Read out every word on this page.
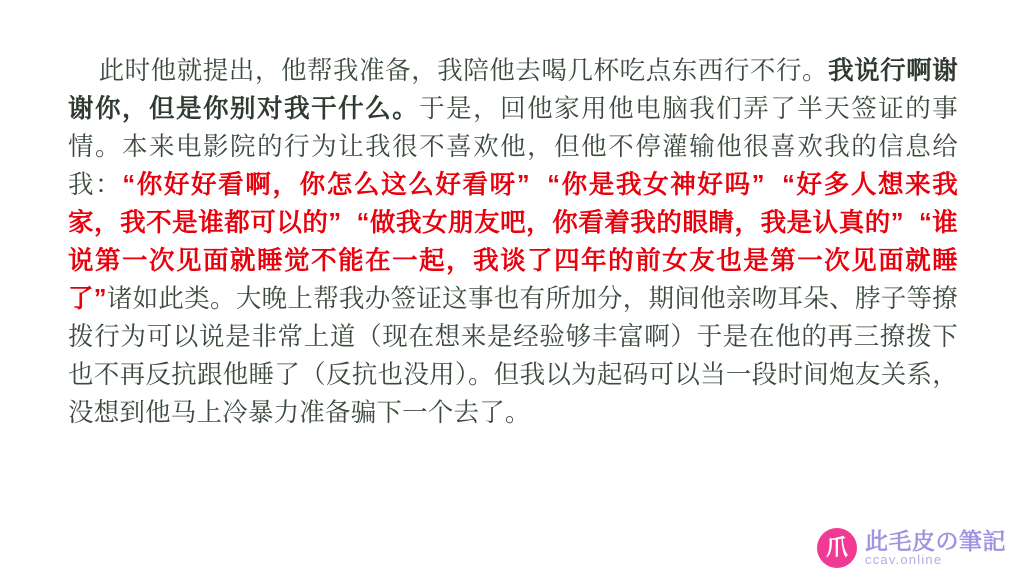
此时他就提出，他帮我准备，我陪他去喝几杯吃点东西行不行。我说行啊谢谢你，但是你别对我干什么。于是，回他家用他电脑我们弄了半天签证的事情。本来电影院的行为让我很不喜欢他，但他不停灌输他很喜欢我的信息给我：“你好好看啊，你怎么这么好看呀”  “你是我女神好吗”  “好多人想来我家，我不是谁都可以的”  “做我女朋友吧，你看着我的眼睛，我是认真的”  “谁说第一次见面就睡觉不能在一起，我谈了四年的前女友也是第一次见面就睡了”诸如此类。大晚上帮我办签证这事也有所加分，期间他亲吻耳朵、脖子等撩拨行为可以说是非常上道（现在想来是经验够丰富啊）于是在他的再三撩拨下也不再反抗跟他睡了（反抗也没用）。但我以为起码可以当一段时间炮友关系，没想到他马上冷暴力准备骗下一个去了。
爪 此毛皮の筆記
ccav.online
